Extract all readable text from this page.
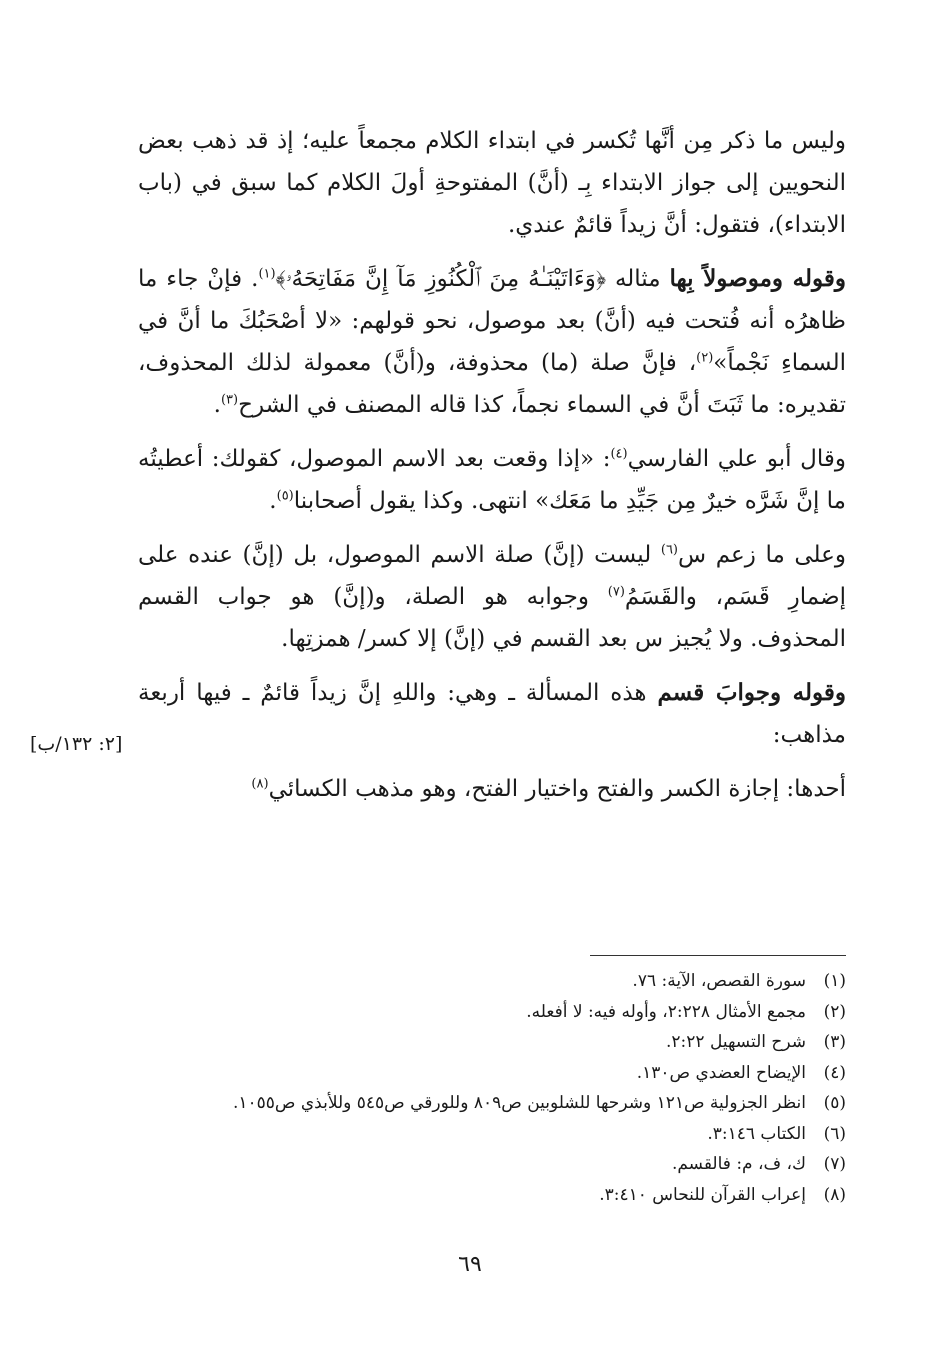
وليس ما ذكر مِن أنَّها تُكسر في ابتداء الكلام مجمعاً عليه؛ إذ قد ذهب بعض النحويين إلى جواز الابتداء بِـ (أنَّ) المفتوحةِ أولَ الكلام كما سبق في (باب الابتداء)، فتقول: أنَّ زيداً قائمٌ عندي.

وقوله وموصولاً بِها مثاله ﴿وَءَاتَيْنَـٰهُ مِنَ ٱلْكُنُوزِ مَآ إِنَّ مَفَاتِحَهُۥ﴾$^{(١)}$. فإنْ جاء ما ظاهرُه أنه فُتحت فيه (أنَّ) بعد موصول، نحو قولهم: «لا أصْحَبُكَ ما أنَّ في السماءِ نَجْماً»$^{(٢)}$، فإنَّ صلة (ما) محذوفة، و(أنَّ) معمولة لذلك المحذوف، تقديره: ما ثَبَتَ أنَّ في السماء نجماً، كذا قاله المصنف في الشرح$^{(٣)}$.

وقال أبو علي الفارسي$^{(٤)}$: «إذا وقعت بعد الاسم الموصول، كقولك: أعطيتُه ما إنَّ شَرَّه خيرٌ مِن جَيِّدِ ما مَعَك» انتهى. وكذا يقول أصحابنا$^{(٥)}$.

وعلى ما زعم س$^{(٦)}$ ليست (إنَّ) صلة الاسم الموصول، بل (إنَّ) عنده على إضمارِ قَسَم، والقَسَمُ$^{(٧)}$ وجوابه هو الصلة، و(إنَّ) هو جواب القسم المحذوف. ولا يُجيز س بعد القسم في (إنَّ) إلا كسر/ همزتِها.

وقوله وجوابَ قسم هذه المسألة ـ وهي: واللهِ إنَّ زيداً قائمٌ ـ فيها أربعة مذاهب:

أحدها: إجازة الكسر والفتح واختيار الفتح، وهو مذهب الكسائي$^{(٨)}$

[٢: ١٣٢/ب]
(١)
سورة القصص، الآية: ٧٦.
(٢)
مجمع الأمثال ٢:٢٢٨، وأوله فيه: لا أفعله.
(٣)
شرح التسهيل ٢:٢٢.
(٤)
الإيضاح العضدي ص١٣٠.
(٥)
انظر الجزولية ص١٢١ وشرحها للشلوبين ص٨٠٩ وللورقي ص٥٤٥ وللأبذي ص١٠٥٥.
(٦)
الكتاب ٣:١٤٦.
(٧)
ك، ف، م: فالقسم.
(٨)
إعراب القرآن للنحاس ٣:٤١٠.
٦٩
